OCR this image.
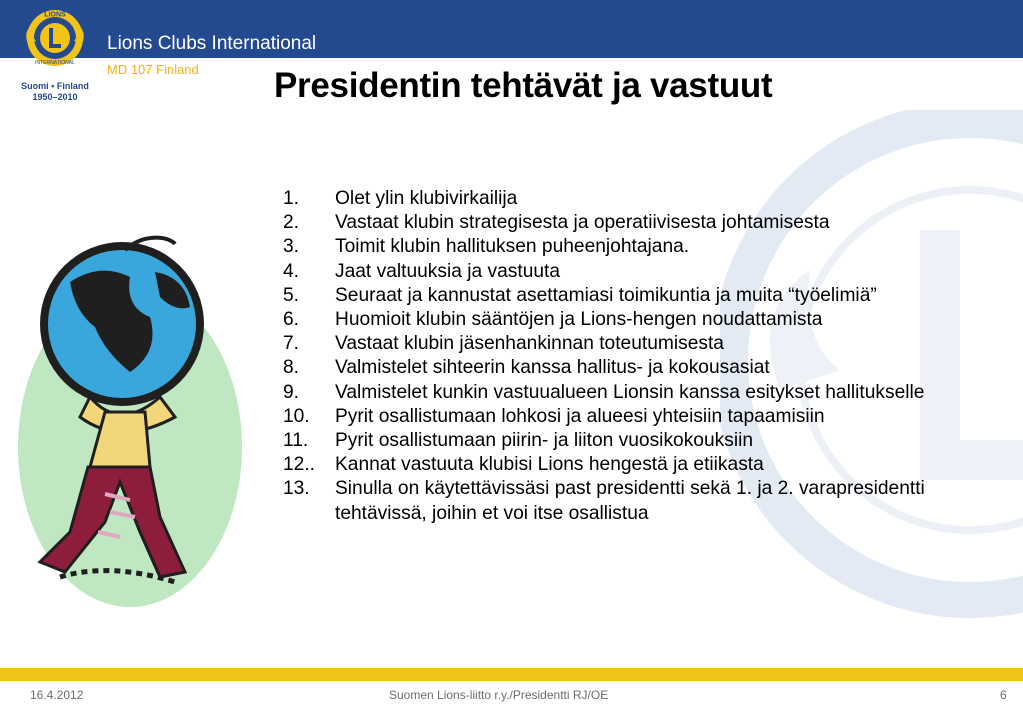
LIONS
INTERNATIONAL
Suomi • Finland
1950–2010
Lions Clubs International
MD 107 Finland Presidentin tehtävät ja vastuut
1. Olet ylin klubivirkailija
2. Vastaat klubin strategisesta ja operatiivisesta johtamisesta
3. Toimit klubin hallituksen puheenjohtajana.
4. Jaat valtuuksia ja vastuuta
5. Seuraat ja kannustat asettamiasi toimikuntia ja muita “työelimiä”
6. Huomioit klubin sääntöjen ja Lions-hengen noudattamista
7. Vastaat klubin jäsenhankinnan toteutumisesta
8. Valmistelet sihteerin kanssa hallitus- ja kokousasiat
9. Valmistelet kunkin vastuualueen Lionsin kanssa esitykset hallitukselle
10. Pyrit osallistumaan lohkosi ja alueesi yhteisiin tapaamisiin
11. Pyrit osallistumaan piirin- ja liiton vuosikokouksiin
12.. Kannat vastuuta klubisi Lions hengestä ja etiikasta
13. Sinulla on käytettävissäsi past presidentti sekä 1. ja 2. varapresidentti tehtävissä, joihin et voi itse osallistua
16.4.2012	Suomen Lions-liitto r.y./Presidentti RJ/OE	6
